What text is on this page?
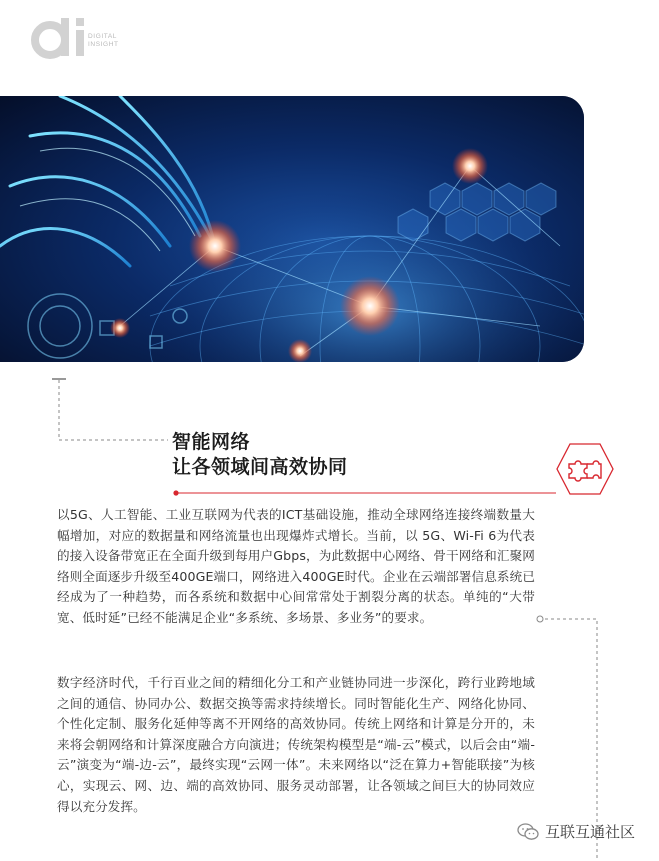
DIGITAL
INSIGHT
智能网络
让各领域间高效协同
以5G、人工智能、工业互联网为代表的ICT基础设施，推动全球网络连接终端数量大幅增加，对应的数据量和网络流量也出现爆炸式增长。当前，以 5G、Wi-Fi 6为代表的接入设备带宽正在全面升级到每用户Gbps，为此数据中心网络、骨干网络和汇聚网络则全面逐步升级至400GE端口，网络进入400GE时代。企业在云端部署信息系统已经成为了一种趋势，而各系统和数据中心间常常处于割裂分离的状态。单纯的“大带宽、低时延”已经不能满足企业“多系统、多场景、多业务”的要求。
数字经济时代，千行百业之间的精细化分工和产业链协同进一步深化，跨行业跨地域之间的通信、协同办公、数据交换等需求持续增长。同时智能化生产、网络化协同、个性化定制、服务化延伸等离不开网络的高效协同。传统上网络和计算是分开的，未来将会朝网络和计算深度融合方向演进；传统架构模型是“端-云”模式，以后会由“端-云”演变为“端-边-云”，最终实现“云网一体”。未来网络以“泛在算力+智能联接”为核心，实现云、网、边、端的高效协同、服务灵动部署，让各领域之间巨大的协同效应得以充分发挥。
互联互通社区
